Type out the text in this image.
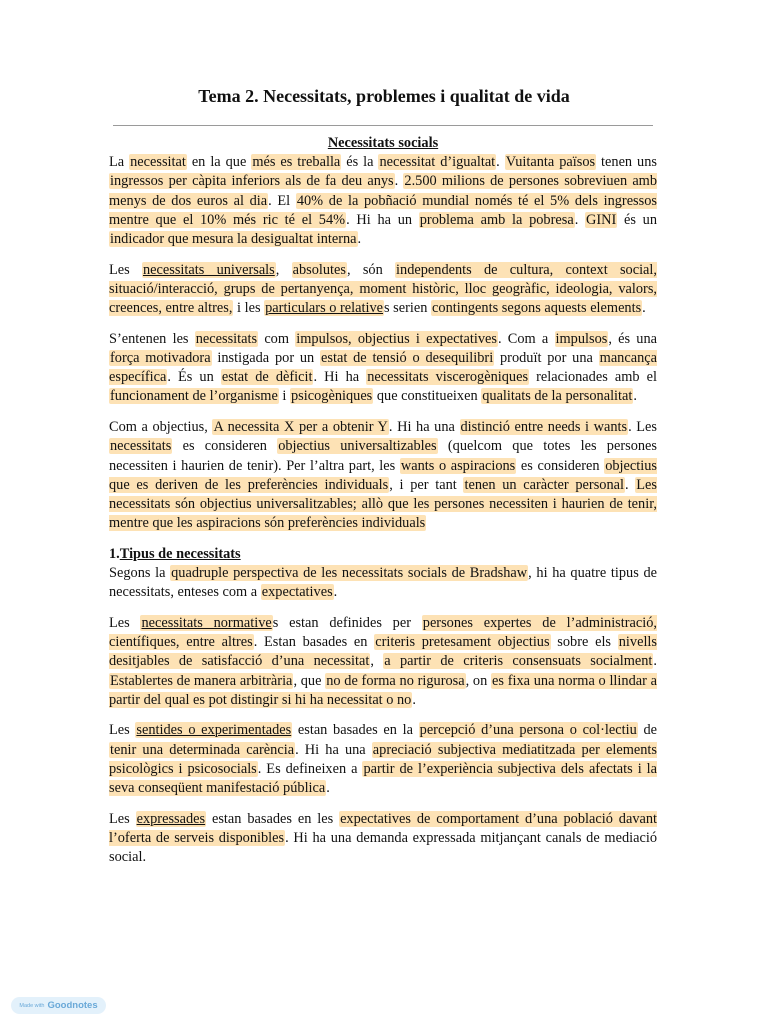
Tema 2. Necessitats, problemes i qualitat de vida

Necessitats socials

La necessitat en la que més es treballa és la necessitat d’igualtat. Vuitanta països tenen uns ingressos per càpita inferiors als de fa deu anys. 2.500 milions de persones sobreviuen amb menys de dos euros al dia. El 40% de la pobñació mundial només té el 5% dels ingressos mentre que el 10% més ric té el 54%. Hi ha un problema amb la pobresa. GINI és un indicador que mesura la desigualtat interna.

Les necessitats universals, absolutes, són independents de cultura, context social, situació/interacció, grups de pertanyença, moment històric, lloc geogràfic, ideologia, valors, creences, entre altres, i les particulars o relatives serien contingents segons aquests elements.

S’entenen les necessitats com impulsos, objectius i expectatives. Com a impulsos, és una força motivadora instigada por un estat de tensió o desequilibri produït por una mancança específica. És un estat de dèficit. Hi ha necessitats viscerogèniques relacionades amb el funcionament de l’organisme i psicogèniques que constitueixen qualitats de la personalitat.

Com a objectius, A necessita X per a obtenir Y. Hi ha una distinció entre needs i wants. Les necessitats es consideren objectius universaltizables (quelcom que totes les persones necessiten i haurien de tenir). Per l’altra part, les wants o aspiracions es consideren objectius que es deriven de les preferències individuals, i per tant tenen un caràcter personal. Les necessitats són objectius universalitzables; allò que les persones necessiten i haurien de tenir, mentre que les aspiracions són preferències individuals

1.Tipus de necessitats

Segons la quadruple perspectiva de les necessitats socials de Bradshaw, hi ha quatre tipus de necessitats, enteses com a expectatives.

Les necessitats normatives estan definides per persones expertes de l’administració, científiques, entre altres. Estan basades en criteris pretesament objectius sobre els nivells desitjables de satisfacció d’una necessitat, a partir de criteris consensuats socialment. Establertes de manera arbitrària, que no de forma no rigurosa, on es fixa una norma o llindar a partir del qual es pot distingir si hi ha necessitat o no.

Les sentides o experimentades estan basades en la percepció d’una persona o col·lectiu de tenir una determinada carència. Hi ha una apreciació subjectiva mediatitzada per elements psicològics i psicosocials. Es defineixen a partir de l’experiència subjectiva dels afectats i la seva conseqüent manifestació pública.

Les expressades estan basades en les expectatives de comportament d’una població davant l’oferta de serveis disponibles. Hi ha una demanda expressada mitjançant canals de mediació social.

Made with Goodnotes
